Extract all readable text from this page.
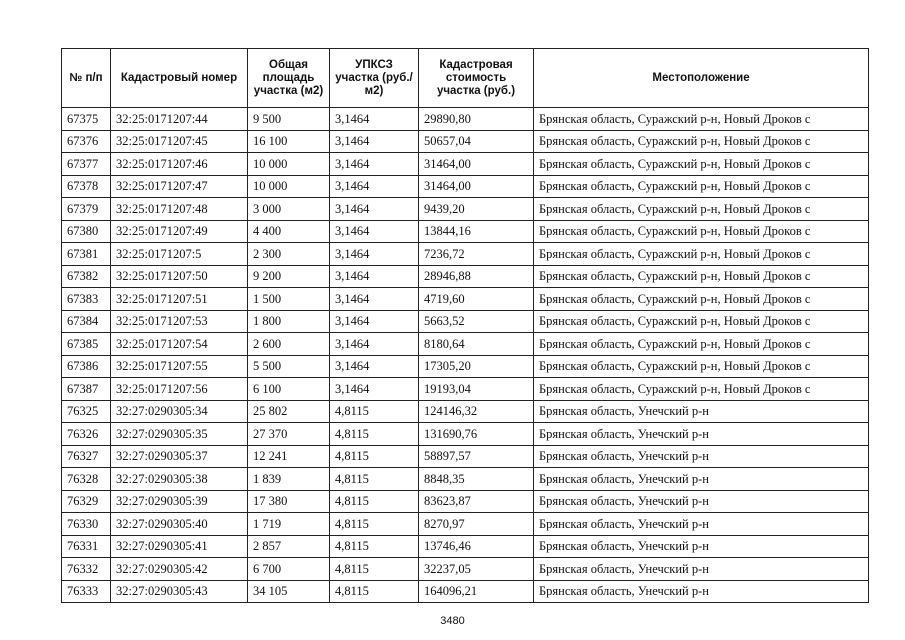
№ п/п	Кадастровый номер	Общая площадь участка (м2)	УПКСЗ участка (руб./м2)	Кадастровая стоимость участка (руб.)	Местоположение
67375	32:25:0171207:44	9 500	3,1464	29890,80	Брянская область, Суражский р-н, Новый Дроков с
67376	32:25:0171207:45	16 100	3,1464	50657,04	Брянская область, Суражский р-н, Новый Дроков с
67377	32:25:0171207:46	10 000	3,1464	31464,00	Брянская область, Суражский р-н, Новый Дроков с
67378	32:25:0171207:47	10 000	3,1464	31464,00	Брянская область, Суражский р-н, Новый Дроков с
67379	32:25:0171207:48	3 000	3,1464	9439,20	Брянская область, Суражский р-н, Новый Дроков с
67380	32:25:0171207:49	4 400	3,1464	13844,16	Брянская область, Суражский р-н, Новый Дроков с
67381	32:25:0171207:5	2 300	3,1464	7236,72	Брянская область, Суражский р-н, Новый Дроков с
67382	32:25:0171207:50	9 200	3,1464	28946,88	Брянская область, Суражский р-н, Новый Дроков с
67383	32:25:0171207:51	1 500	3,1464	4719,60	Брянская область, Суражский р-н, Новый Дроков с
67384	32:25:0171207:53	1 800	3,1464	5663,52	Брянская область, Суражский р-н, Новый Дроков с
67385	32:25:0171207:54	2 600	3,1464	8180,64	Брянская область, Суражский р-н, Новый Дроков с
67386	32:25:0171207:55	5 500	3,1464	17305,20	Брянская область, Суражский р-н, Новый Дроков с
67387	32:25:0171207:56	6 100	3,1464	19193,04	Брянская область, Суражский р-н, Новый Дроков с
76325	32:27:0290305:34	25 802	4,8115	124146,32	Брянская область, Унечский р-н
76326	32:27:0290305:35	27 370	4,8115	131690,76	Брянская область, Унечский р-н
76327	32:27:0290305:37	12 241	4,8115	58897,57	Брянская область, Унечский р-н
76328	32:27:0290305:38	1 839	4,8115	8848,35	Брянская область, Унечский р-н
76329	32:27:0290305:39	17 380	4,8115	83623,87	Брянская область, Унечский р-н
76330	32:27:0290305:40	1 719	4,8115	8270,97	Брянская область, Унечский р-н
76331	32:27:0290305:41	2 857	4,8115	13746,46	Брянская область, Унечский р-н
76332	32:27:0290305:42	6 700	4,8115	32237,05	Брянская область, Унечский р-н
76333	32:27:0290305:43	34 105	4,8115	164096,21	Брянская область, Унечский р-н
3480
